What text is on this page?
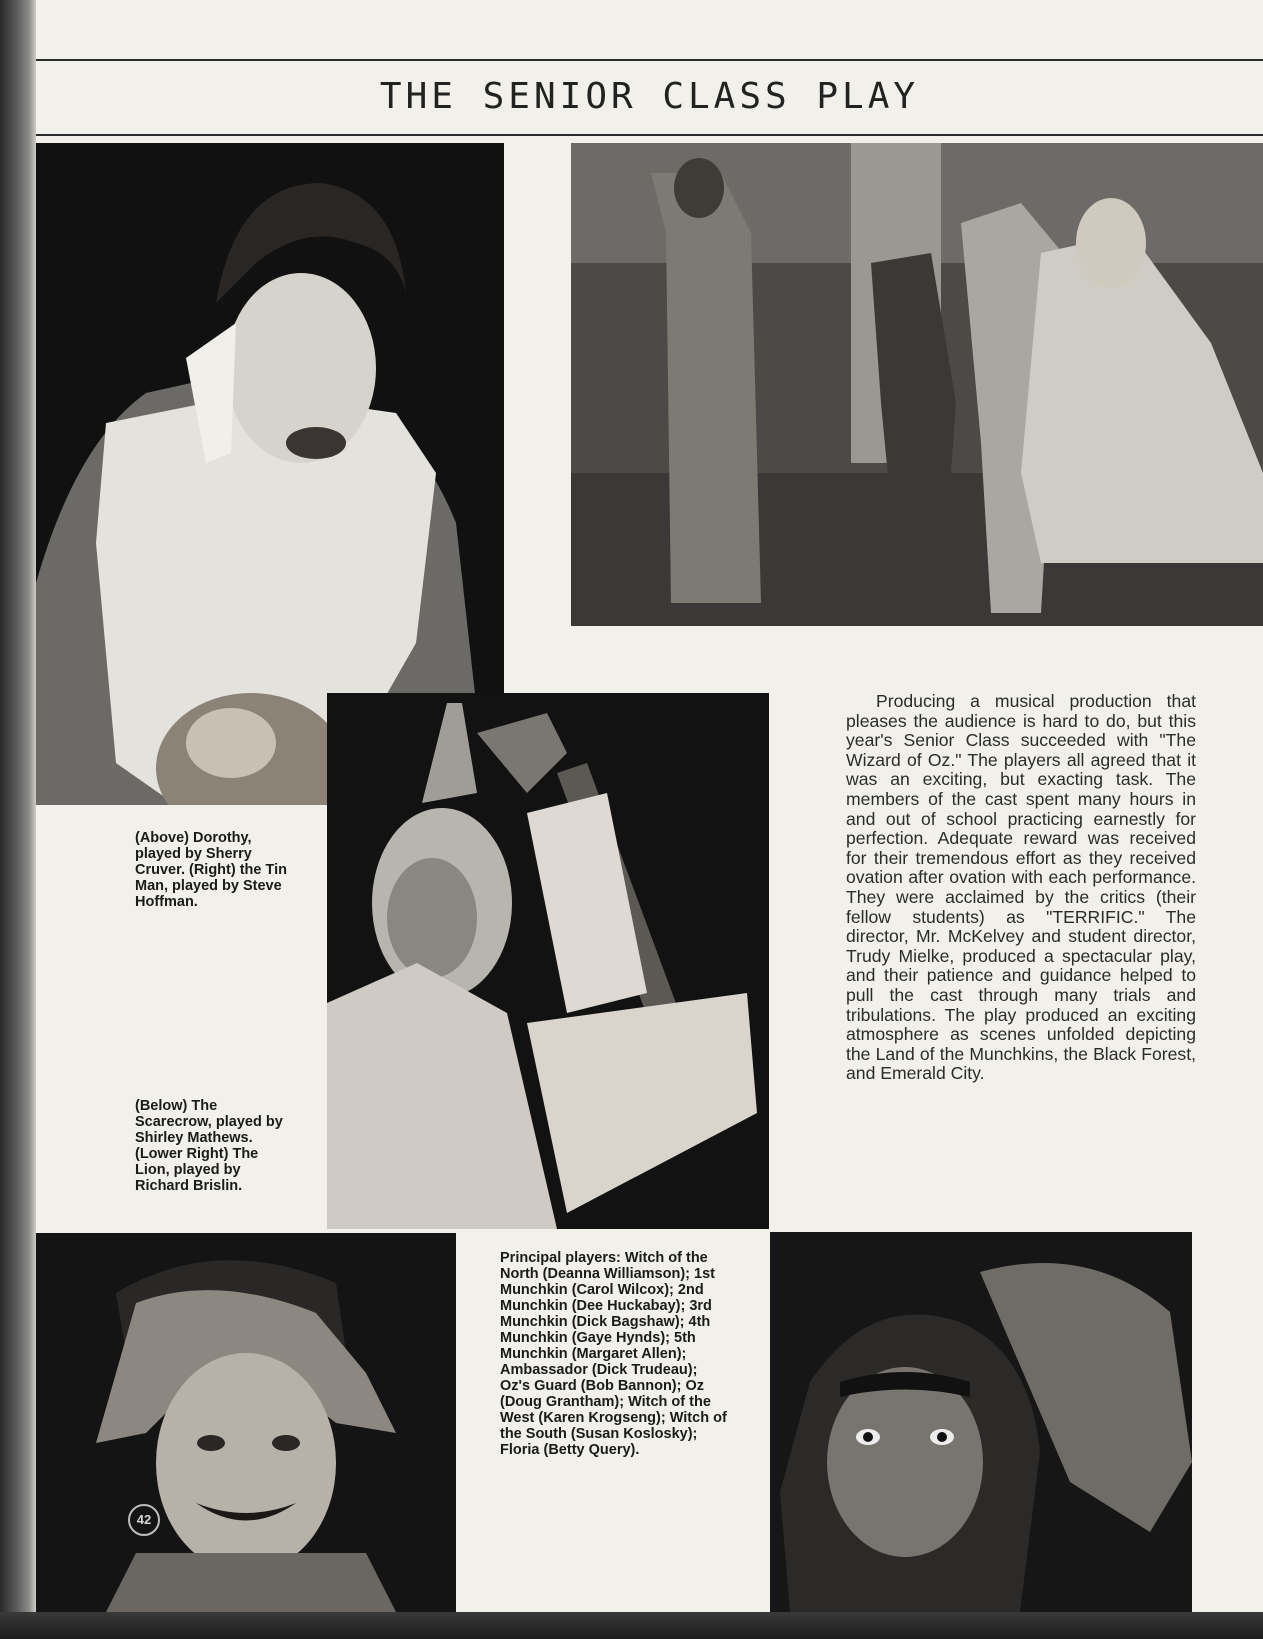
THE SENIOR CLASS PLAY

(Above) Dorothy, played by Sherry Cruver. (Right) the Tin Man, played by Steve Hoffman.

(Below) The Scarecrow, played by Shirley Mathews. (Lower Right) The Lion, played by Richard Brislin.

Principal players: Witch of the North (Deanna Williamson); 1st Munchkin (Carol Wilcox); 2nd Munchkin (Dee Huckabay); 3rd Munchkin (Dick Bagshaw); 4th Munchkin (Gaye Hynds); 5th Munchkin (Margaret Allen); Ambassador (Dick Trudeau); Oz's Guard (Bob Bannon); Oz (Doug Grantham); Witch of the West (Karen Krogseng); Witch of the South (Susan Koslosky); Floria (Betty Query).

Producing a musical production that pleases the audience is hard to do, but this year's Senior Class succeeded with "The Wizard of Oz." The players all agreed that it was an exciting, but exacting task. The members of the cast spent many hours in and out of school practicing earnestly for perfection. Adequate reward was received for their tremendous effort as they received ovation after ovation with each performance. They were acclaimed by the critics (their fellow students) as "TERRIFIC." The director, Mr. McKelvey and student director, Trudy Mielke, produced a spectacular play, and their patience and guidance helped to pull the cast through many trials and tribulations. The play produced an exciting atmosphere as scenes unfolded depicting the Land of the Munchkins, the Black Forest, and Emerald City.

42
